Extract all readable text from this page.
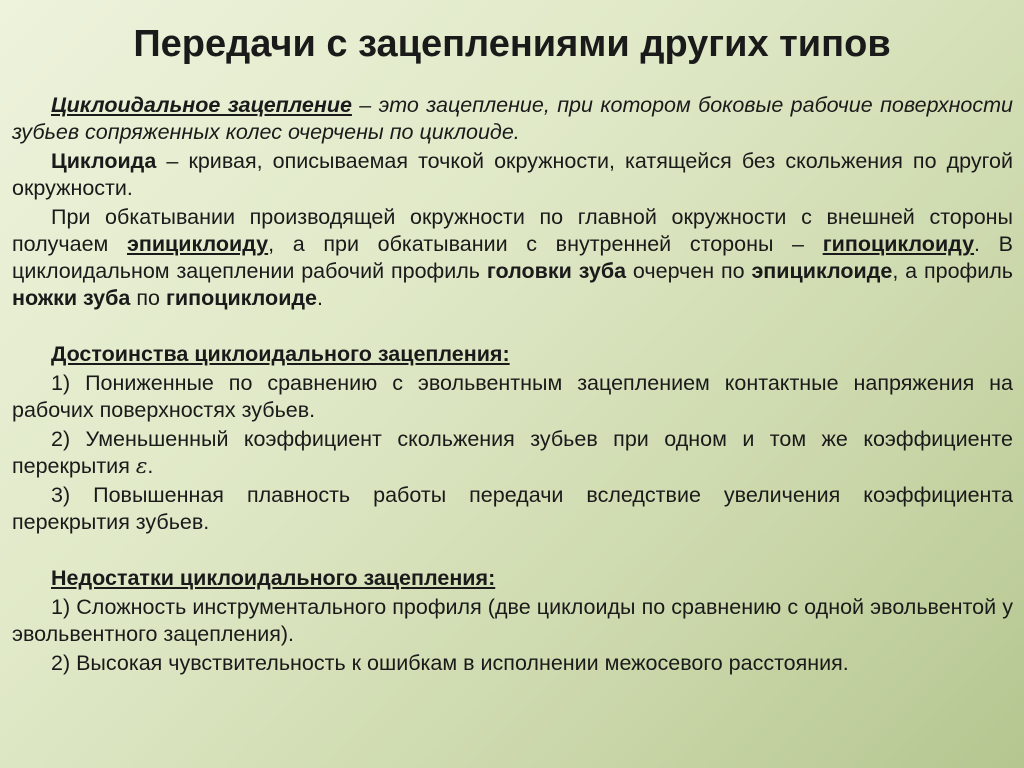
Передачи с зацеплениями других типов

Циклоидальное зацепление – это зацепление, при котором боковые рабочие поверхности зубьев сопряженных колес очерчены по циклоиде.

Циклоида – кривая, описываемая точкой окружности, катящейся без скольжения по другой окружности.

При обкатывании производящей окружности по главной окружности с внешней стороны получаем эпициклоиду, а при обкатывании с внутренней стороны – гипоциклоиду. В циклоидальном зацеплении рабочий профиль головки зуба очерчен по эпициклоиде, а профиль ножки зуба по гипоциклоиде.

Достоинства циклоидального зацепления:

1) Пониженные по сравнению с эвольвентным зацеплением контактные напряжения на рабочих поверхностях зубьев.

2) Уменьшенный коэффициент скольжения зубьев при одном и том же коэффициенте перекрытия ε.

3) Повышенная плавность работы передачи вследствие увеличения коэффициента перекрытия зубьев.

Недостатки циклоидального зацепления:

1) Сложность инструментального профиля (две циклоиды по сравнению с одной эвольвентой у эвольвентного зацепления).

2) Высокая чувствительность к ошибкам в исполнении межосевого расстояния.
